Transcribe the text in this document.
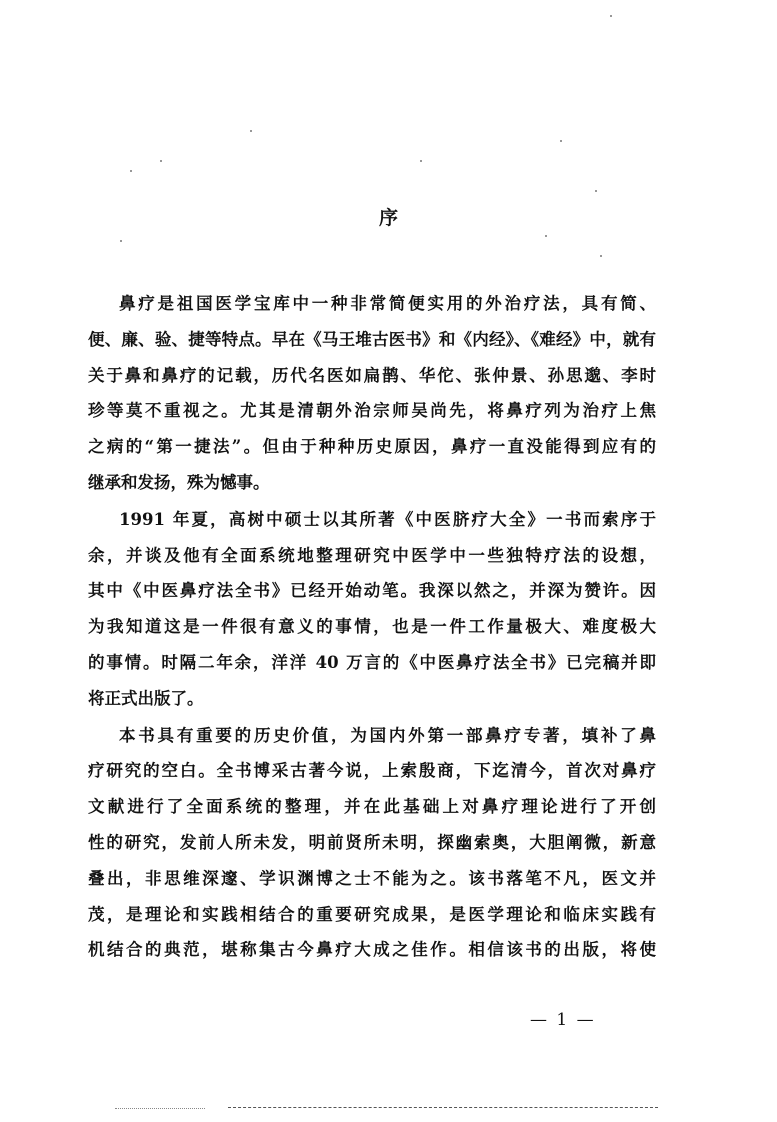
序
鼻疗是祖国医学宝库中一种非常简便实用的外治疗法，具有简、
便、廉、验、捷等特点。早在《马王堆古医书》和《内经》、《难经》中，就有
关于鼻和鼻疗的记载，历代名医如扁鹊、华佗、张仲景、孙思邈、李时
珍等莫不重视之。尤其是清朝外治宗师吴尚先，将鼻疗列为治疗上焦
之病的“第一捷法”。但由于种种历史原因，鼻疗一直没能得到应有的
继承和发扬，殊为憾事。
1991 年夏，高树中硕士以其所著《中医脐疗大全》一书而索序于
余，并谈及他有全面系统地整理研究中医学中一些独特疗法的设想，
其中《中医鼻疗法全书》已经开始动笔。我深以然之，并深为赞许。因
为我知道这是一件很有意义的事情，也是一件工作量极大、难度极大
的事情。时隔二年余，洋洋 40 万言的《中医鼻疗法全书》已完稿并即
将正式出版了。
本书具有重要的历史价值，为国内外第一部鼻疗专著，填补了鼻
疗研究的空白。全书博采古著今说，上索殷商，下迄清今，首次对鼻疗
文献进行了全面系统的整理，并在此基础上对鼻疗理论进行了开创
性的研究，发前人所未发，明前贤所未明，探幽索奥，大胆阐微，新意
叠出，非思维深邃、学识渊博之士不能为之。该书落笔不凡，医文并
茂，是理论和实践相结合的重要研究成果，是医学理论和临床实践有
机结合的典范，堪称集古今鼻疗大成之佳作。相信该书的出版，将使
— 1 —
